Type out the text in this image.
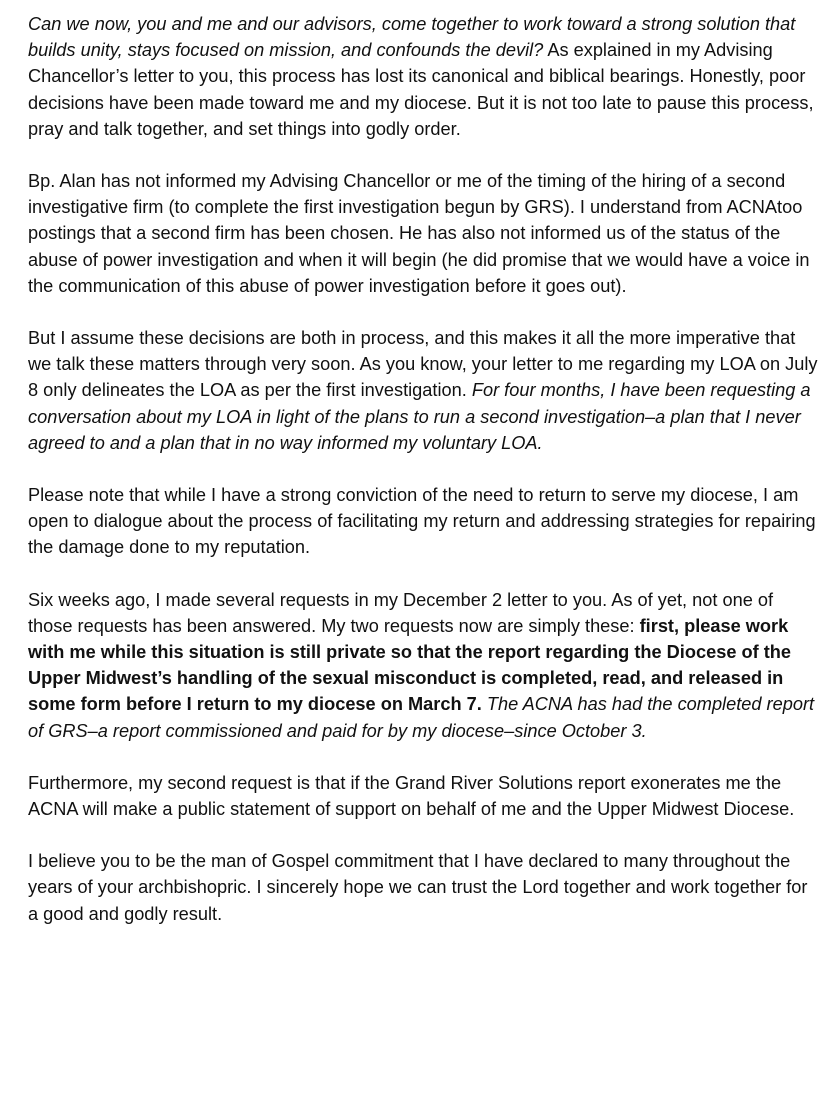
Can we now, you and me and our advisors, come together to work toward a strong solution that builds unity, stays focused on mission, and confounds the devil? As explained in my Advising Chancellor’s letter to you, this process has lost its canonical and biblical bearings. Honestly, poor decisions have been made toward me and my diocese. But it is not too late to pause this process, pray and talk together, and set things into godly order.

Bp. Alan has not informed my Advising Chancellor or me of the timing of the hiring of a second investigative firm (to complete the first investigation begun by GRS). I understand from ACNAtoo postings that a second firm has been chosen. He has also not informed us of the status of the abuse of power investigation and when it will begin (he did promise that we would have a voice in the communication of this abuse of power investigation before it goes out).

But I assume these decisions are both in process, and this makes it all the more imperative that we talk these matters through very soon. As you know, your letter to me regarding my LOA on July 8 only delineates the LOA as per the first investigation. For four months, I have been requesting a conversation about my LOA in light of the plans to run a second investigation–a plan that I never agreed to and a plan that in no way informed my voluntary LOA.

Please note that while I have a strong conviction of the need to return to serve my diocese, I am open to dialogue about the process of facilitating my return and addressing strategies for repairing the damage done to my reputation.

Six weeks ago, I made several requests in my December 2 letter to you. As of yet, not one of those requests has been answered. My two requests now are simply these: first, please work with me while this situation is still private so that the report regarding the Diocese of the Upper Midwest’s handling of the sexual misconduct is completed, read, and released in some form before I return to my diocese on March 7. The ACNA has had the completed report of GRS–a report commissioned and paid for by my diocese–since October 3.

Furthermore, my second request is that if the Grand River Solutions report exonerates me the ACNA will make a public statement of support on behalf of me and the Upper Midwest Diocese.

I believe you to be the man of Gospel commitment that I have declared to many throughout the years of your archbishopric. I sincerely hope we can trust the Lord together and work together for a good and godly result.
